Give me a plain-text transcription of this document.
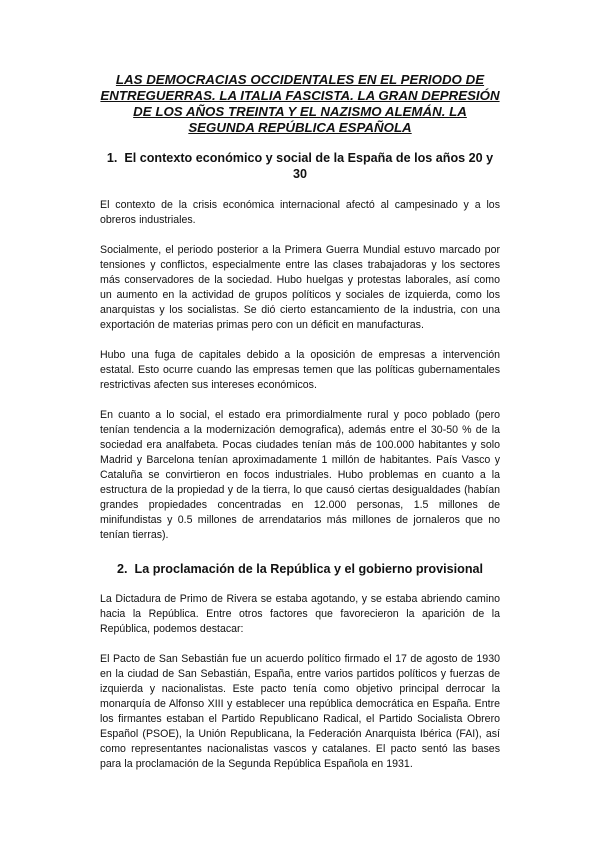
LAS DEMOCRACIAS OCCIDENTALES EN EL PERIODO DE ENTREGUERRAS. LA ITALIA FASCISTA. LA GRAN DEPRESIÓN DE LOS AÑOS TREINTA Y EL NAZISMO ALEMÁN. LA SEGUNDA REPÚBLICA ESPAÑOLA
1. El contexto económico y social de la España de los años 20 y 30

El contexto de la crisis económica internacional afectó al campesinado y a los obreros industriales.

Socialmente, el periodo posterior a la Primera Guerra Mundial estuvo marcado por tensiones y conflictos, especialmente entre las clases trabajadoras y los sectores más conservadores de la sociedad. Hubo huelgas y protestas laborales, así como un aumento en la actividad de grupos políticos y sociales de izquierda, como los anarquistas y los socialistas. Se dió cierto estancamiento de la industria, con una exportación de materias primas pero con un déficit en manufacturas.

Hubo una fuga de capitales debido a la oposición de empresas a intervención estatal. Esto ocurre cuando las empresas temen que las políticas gubernamentales restrictivas afecten sus intereses económicos.

En cuanto a lo social, el estado era primordialmente rural y poco poblado (pero tenían tendencia a la modernización demografica), además entre el 30-50 % de la sociedad era analfabeta. Pocas ciudades tenían más de 100.000 habitantes y solo Madrid y Barcelona tenían aproximadamente 1 millón de habitantes. País Vasco y Cataluña se convirtieron en focos industriales. Hubo problemas en cuanto a la estructura de la propiedad y de la tierra, lo que causó ciertas desigualdades (habían grandes propiedades concentradas en 12.000 personas, 1.5 millones de minifundistas y 0.5 millones de arrendatarios más millones de jornaleros que no tenían tierras).

2. La proclamación de la República y el gobierno provisional

La Dictadura de Primo de Rivera se estaba agotando, y se estaba abriendo camino hacia la República. Entre otros factores que favorecieron la aparición de la República, podemos destacar:

El Pacto de San Sebastián fue un acuerdo político firmado el 17 de agosto de 1930 en la ciudad de San Sebastián, España, entre varios partidos políticos y fuerzas de izquierda y nacionalistas. Este pacto tenía como objetivo principal derrocar la monarquía de Alfonso XIII y establecer una república democrática en España. Entre los firmantes estaban el Partido Republicano Radical, el Partido Socialista Obrero Español (PSOE), la Unión Republicana, la Federación Anarquista Ibérica (FAI), así como representantes nacionalistas vascos y catalanes. El pacto sentó las bases para la proclamación de la Segunda República Española en 1931.
